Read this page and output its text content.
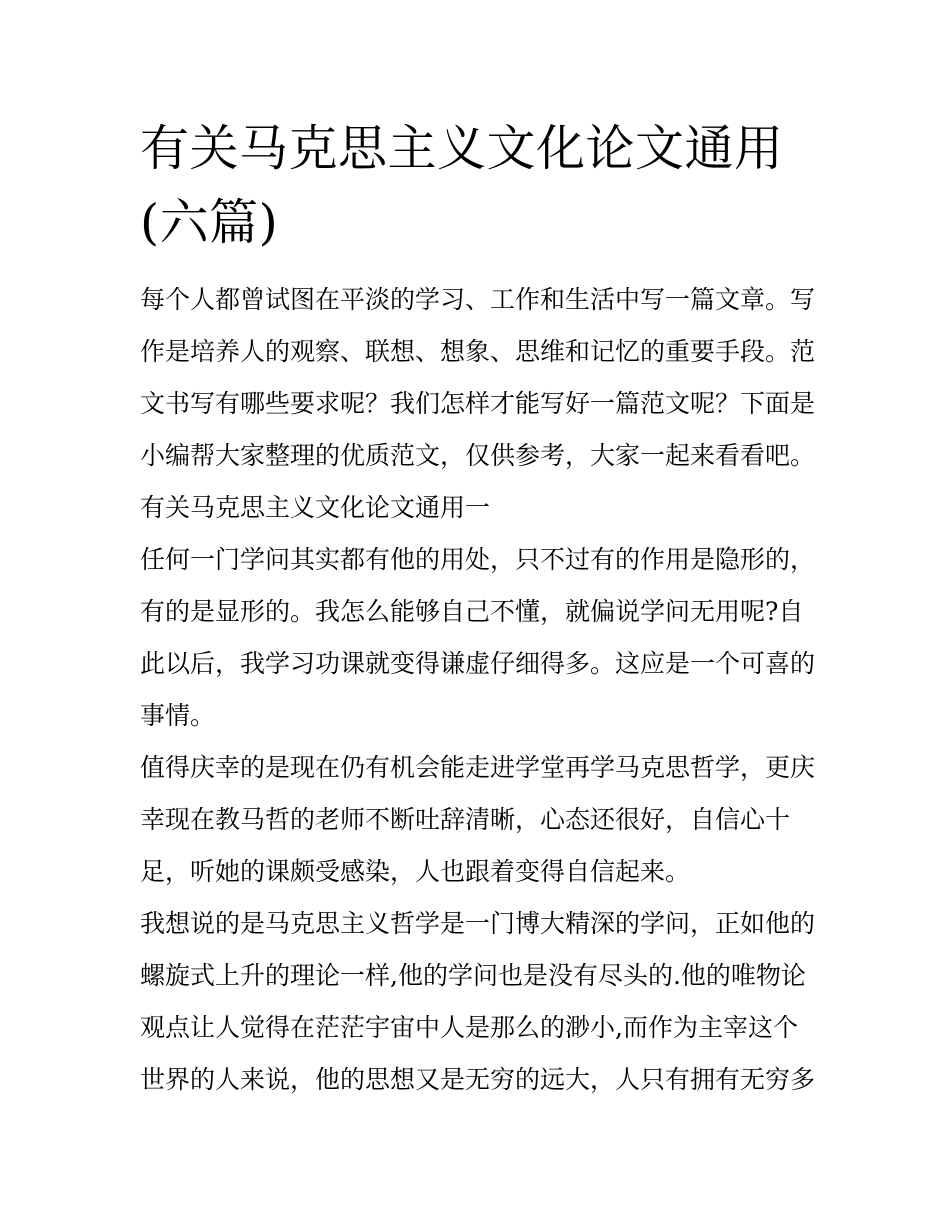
有关马克思主义文化论文通用
(六篇)
每个人都曾试图在平淡的学习、工作和生活中写一篇文章。写
作是培养人的观察、联想、想象、思维和记忆的重要手段。范
文书写有哪些要求呢？我们怎样才能写好一篇范文呢？下面是
小编帮大家整理的优质范文，仅供参考，大家一起来看看吧。
有关马克思主义文化论文通用一
任何一门学问其实都有他的用处，只不过有的作用是隐形的，
有的是显形的。我怎么能够自己不懂，就偏说学问无用呢?自
此以后，我学习功课就变得谦虚仔细得多。这应是一个可喜的
事情。
值得庆幸的是现在仍有机会能走进学堂再学马克思哲学，更庆
幸现在教马哲的老师不断吐辞清晰，心态还很好，自信心十
足，听她的课颇受感染，人也跟着变得自信起来。
我想说的是马克思主义哲学是一门博大精深的学问，正如他的
螺旋式上升的理论一样,他的学问也是没有尽头的.他的唯物论
观点让人觉得在茫茫宇宙中人是那么的渺小,而作为主宰这个
世界的人来说，他的思想又是无穷的远大，人只有拥有无穷多
